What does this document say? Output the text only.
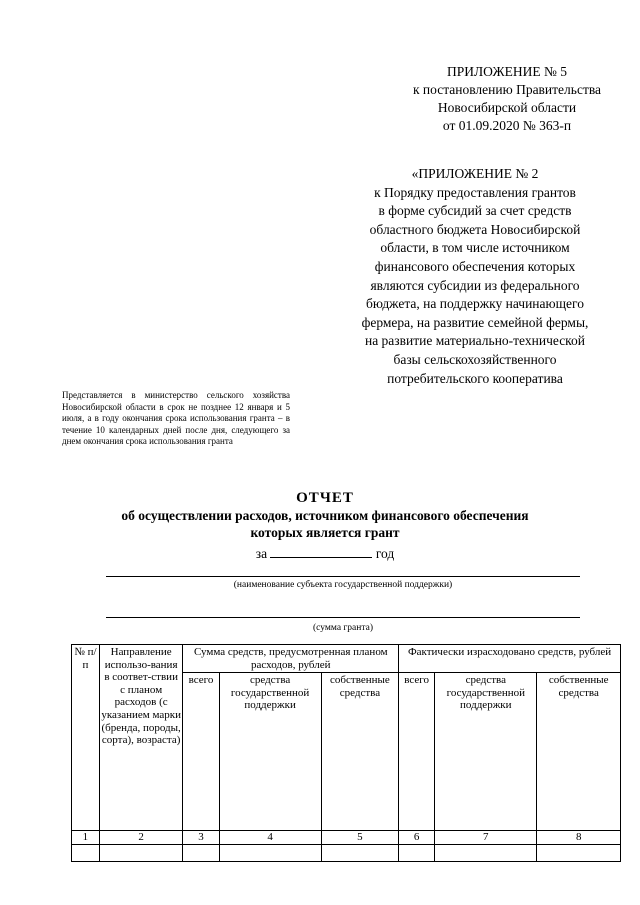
ПРИЛОЖЕНИЕ № 5
к постановлению Правительства
Новосибирской области
от 01.09.2020 № 363-п
«ПРИЛОЖЕНИЕ № 2
к Порядку предоставления грантов
в форме субсидий за счет средств
областного бюджета Новосибирской
области, в том числе источником
финансового обеспечения которых
являются субсидии из федерального
бюджета, на поддержку начинающего
фермера, на развитие семейной фермы,
на развитие материально-технической
базы сельскохозяйственного
потребительского кооператива
Представляется в министерство сельского хозяйства Новосибирской области в срок не позднее 12 января и 5 июля, а в году окончания срока использования гранта – в течение 10 календарных дней после дня, следующего за днем окончания срока использования гранта
ОТЧЕТ
об осуществлении расходов, источником финансового обеспечения
которых является грант
за	год
(наименование субъекта государственной поддержки)
(сумма гранта)
№ п/п	Направление использо-вания в соответ-ствии с планом расходов (с указанием марки (бренда, породы, сорта), возраста)	Сумма средств, предусмотренная планом расходов, рублей			Фактически израсходовано средств, рублей		
		всего	средства государственной поддержки	собственные средства	всего	средства государственной поддержки	собственные средства
1	2	3	4	5	6	7	8
